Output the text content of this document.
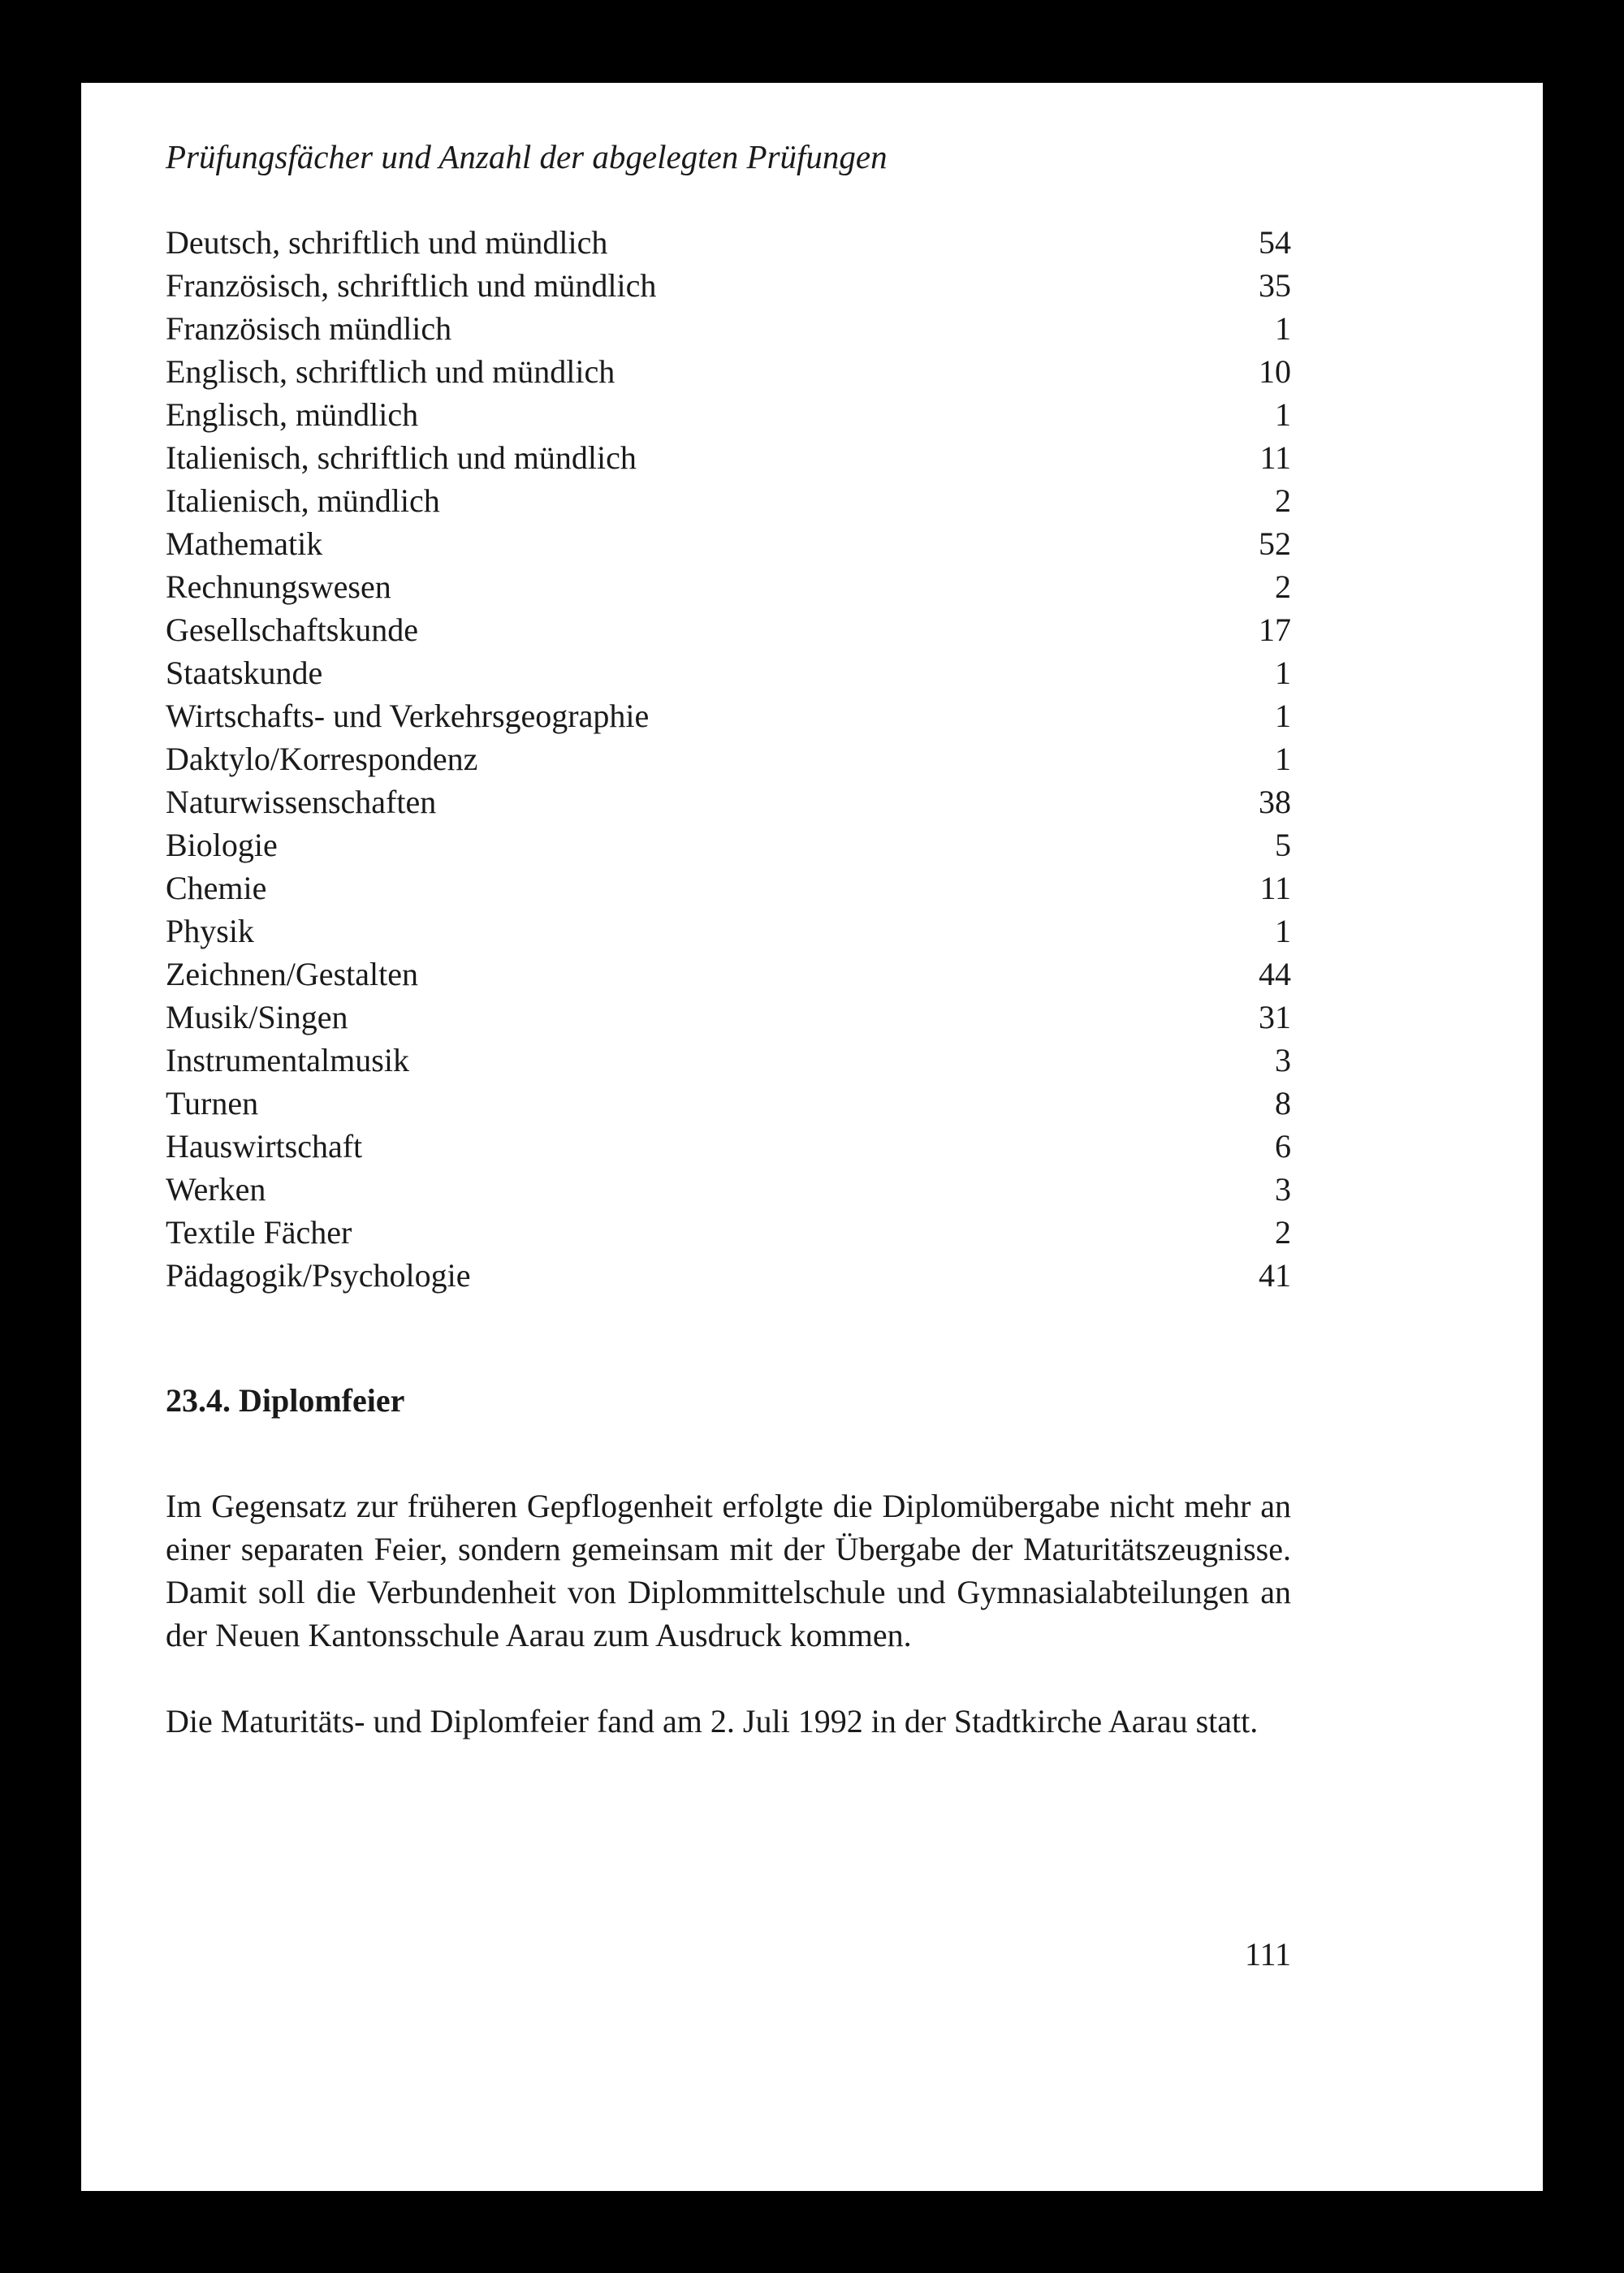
Prüfungsfächer und Anzahl der abgelegten Prüfungen
Deutsch, schriftlich und mündlich	54
Französisch, schriftlich und mündlich	35
Französisch mündlich	1
Englisch, schriftlich und mündlich	10
Englisch, mündlich	1
Italienisch, schriftlich und mündlich	11
Italienisch, mündlich	2
Mathematik	52
Rechnungswesen	2
Gesellschaftskunde	17
Staatskunde	1
Wirtschafts- und Verkehrsgeographie	1
Daktylo/Korrespondenz	1
Naturwissenschaften	38
Biologie	5
Chemie	11
Physik	1
Zeichnen/Gestalten	44
Musik/Singen	31
Instrumentalmusik	3
Turnen	8
Hauswirtschaft	6
Werken	3
Textile Fächer	2
Pädagogik/Psychologie	41
23.4. Diplomfeier

Im Gegensatz zur früheren Gepflogenheit erfolgte die Diplomübergabe nicht mehr an einer separaten Feier, sondern gemeinsam mit der Übergabe der Maturitätszeugnisse. Damit soll die Verbundenheit von Diplommittelschule und Gymnasialabteilungen an der Neuen Kantonsschule Aarau zum Ausdruck kommen.

Die Maturitäts- und Diplomfeier fand am 2. Juli 1992 in der Stadtkirche Aarau statt.

111
